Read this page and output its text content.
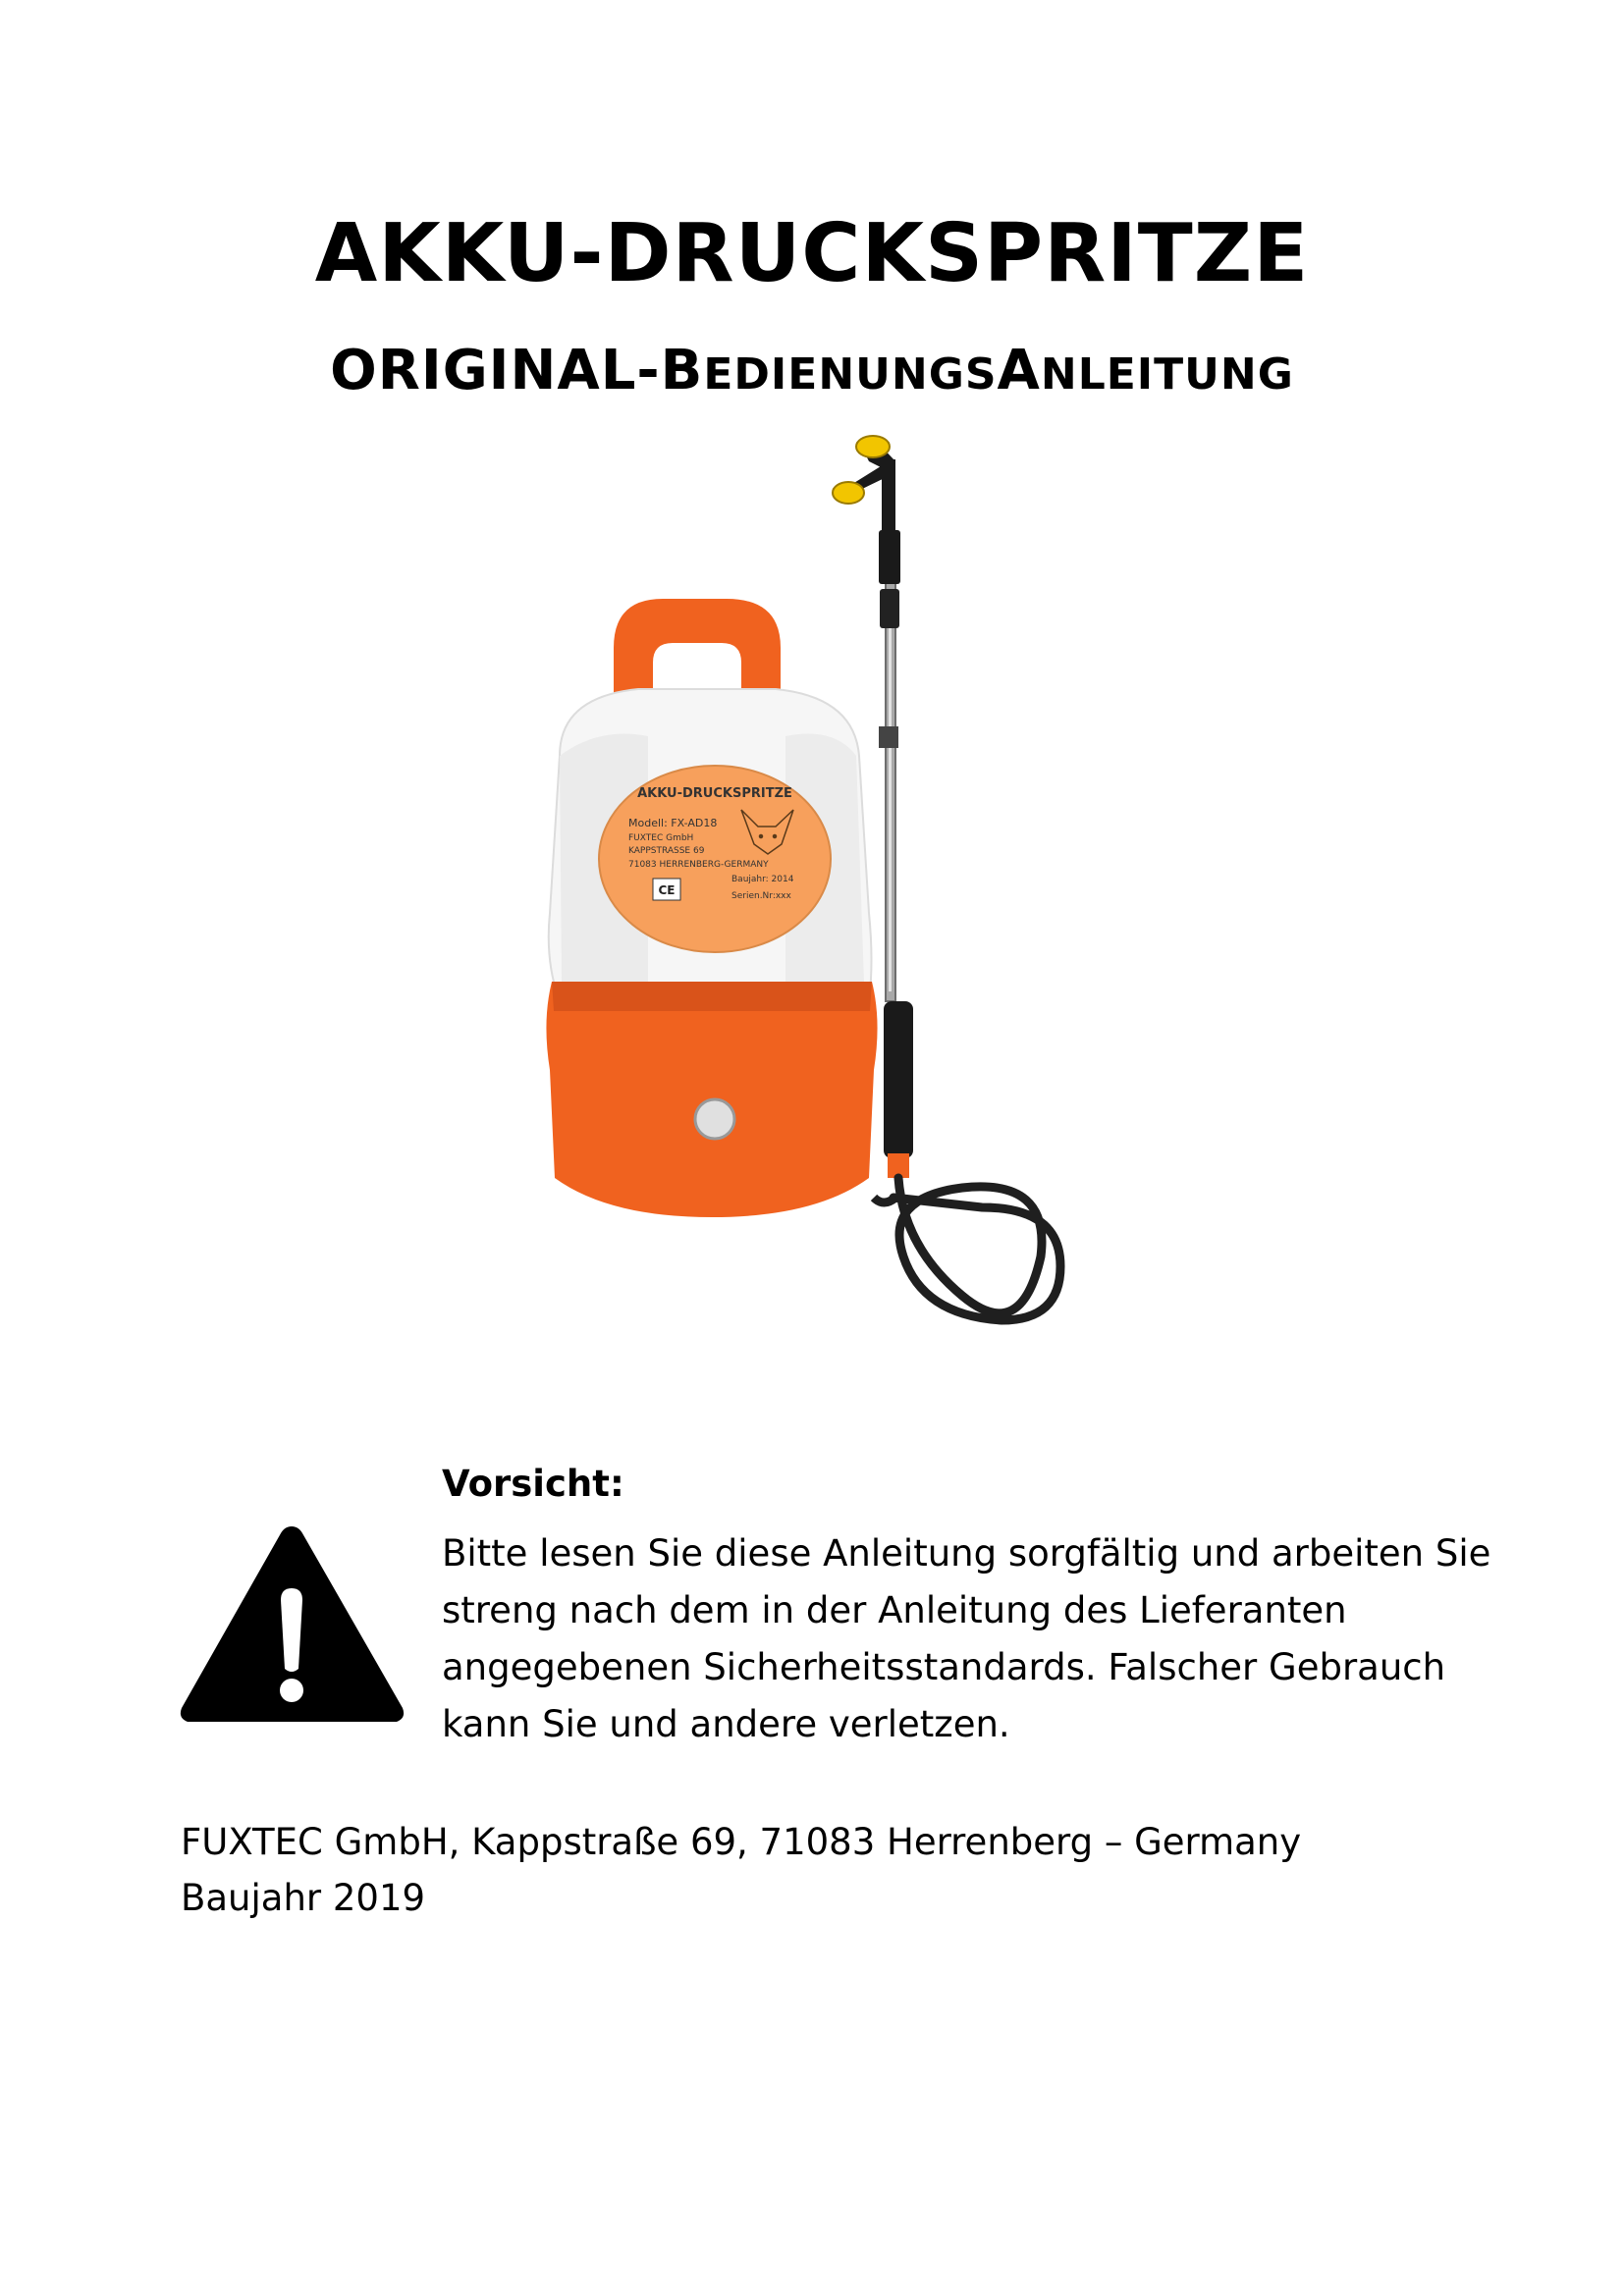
AKKU-DRUCKSPRITZE
ORIGINAL-BEDIENUNGSANLEITUNG
AKKU-DRUCKSPRITZE
Modell: FX-AD18
FUXTEC GmbH
KAPPSTRASSE 69
71083 HERRENBERG-GERMANY
Baujahr: 2014
Serien.Nr:xxx
CE

Vorsicht:

Bitte lesen Sie diese Anleitung sorgfältig und arbeiten Sie streng nach dem in der Anleitung des Lieferanten angegebenen Sicherheitsstandards. Falscher Gebrauch kann Sie und andere verletzen.

FUXTEC GmbH, Kappstraße 69, 71083 Herrenberg – Germany

Baujahr 2019
